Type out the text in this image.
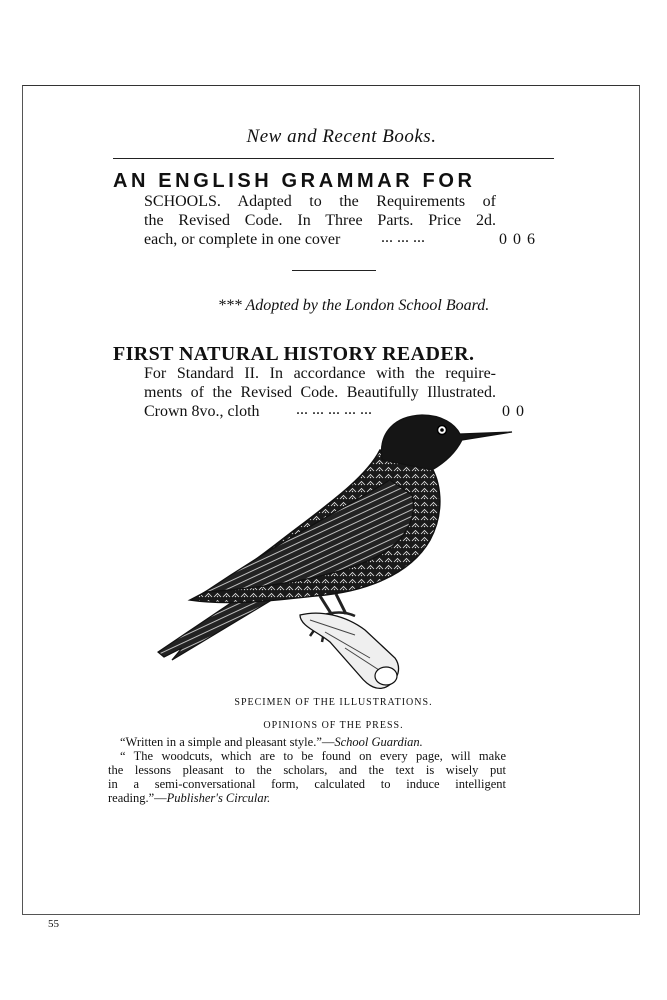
New and Recent Books.
AN ENGLISH GRAMMAR FOR
SCHOOLS. Adapted to the Requirements of
the Revised Code. In Three Parts. Price 2d.
each, or complete in one cover	... ... ...	0 0 6
*** Adopted by the London School Board.
FIRST NATURAL HISTORY READER.
For Standard II. In accordance with the require-
ments of the Revised Code. Beautifully Illustrated.
Crown 8vo., cloth ... ... ... ... ...	0 0
SPECIMEN OF THE ILLUSTRATIONS.
OPINIONS OF THE PRESS.
“Written in a simple and pleasant style.”—School Guardian.
“ The woodcuts, which are to be found on every page, will make
the lessons pleasant to the scholars, and the text is wisely put
in a semi-conversational form, calculated to induce intelligent
reading.”—Publisher's Circular.
55
